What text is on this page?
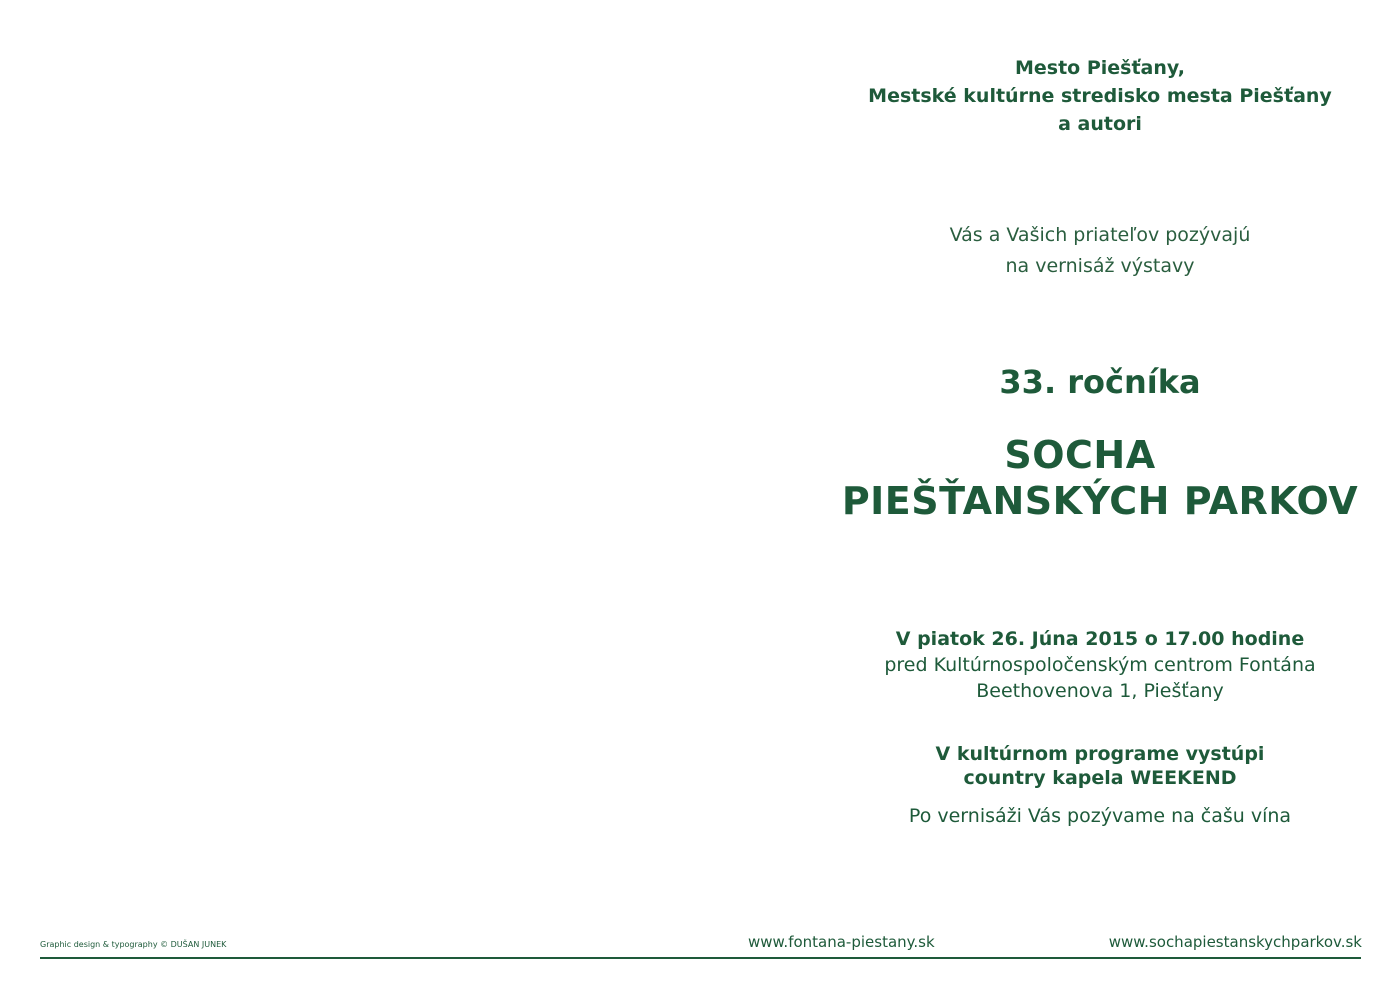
Mesto Piešťany,
Mestské kultúrne stredisko mesta Piešťany
a autori
Vás a Vašich priateľov pozývajú
na vernisáž výstavy
33. ročníka
SOCHA
PIEŠŤANSKÝCH PARKOV
V piatok 26. Júna 2015 o 17.00 hodine
pred Kultúrnospoločenským centrom Fontána
Beethovenova 1, Piešťany
V kultúrnom programe vystúpi
country kapela WEEKEND
Po vernisáži Vás pozývame na čašu vína
Graphic design & typography © DUŠAN JUNEK	www.fontana-piestany.sk	www.sochapiestanskychparkov.sk
